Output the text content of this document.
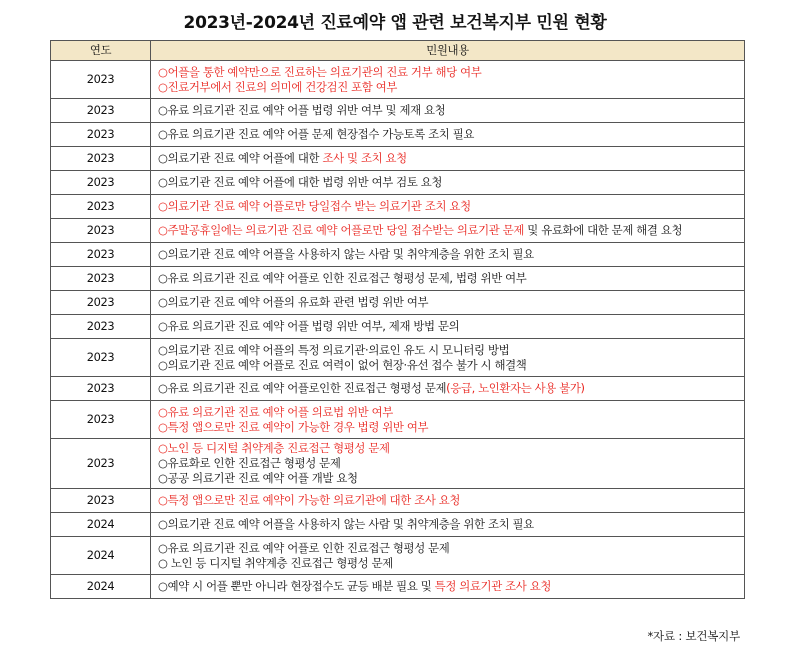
2023년-2024년 진료예약 앱 관련 보건복지부 민원 현황
연도	민원내용
2023	○어플을 통한 예약만으로 진료하는 의료기관의 진료 거부 해당 여부
○진료거부에서 진료의 의미에 건강검진 포함 여부

2023	○유료 의료기관 진료 예약 어플 법령 위반 여부 및 제재 요청

2023	○유료 의료기관 진료 예약 어플 문제 현장접수 가능토록 조치 필요

2023	○의료기관 진료 예약 어플에 대한 조사 및 조치 요청

2023	○의료기관 진료 예약 어플에 대한 법령 위반 여부 검토 요청

2023	○의료기관 진료 예약 어플로만 당일접수 받는 의료기관 조치 요청

2023	○주말공휴일에는 의료기관 진료 예약 어플로만 당일 접수받는 의료기관 문제 및 유료화에 대한 문제 해결 요청

2023	○의료기관 진료 예약 어플을 사용하지 않는 사람 및 취약계층을 위한 조치 필요

2023	○유료 의료기관 진료 예약 어플로 인한 진료접근 형평성 문제, 법령 위반 여부

2023	○의료기관 진료 예약 어플의 유료화 관련 법령 위반 여부

2023	○유료 의료기관 진료 예약 어플 법령 위반 여부, 제재 방법 문의

2023	○의료기관 진료 예약 어플의 특정 의료기관·의료인 유도 시 모니터링 방법
○의료기관 진료 예약 어플로 진료 여력이 없어 현장·유선 접수 불가 시 해결책

2023	○유료 의료기관 진료 예약 어플로인한 진료접근 형평성 문제(응급, 노인환자는 사용 불가)

2023	○유료 의료기관 진료 예약 어플 의료법 위반 여부
○특정 앱으로만 진료 예약이 가능한 경우 법령 위반 여부

2023	○노인 등 디지털 취약계층 진료접근 형평성 문제
○유료화로 인한 진료접근 형평성 문제
○공공 의료기관 진료 예약 어플 개발 요청

2023	○특정 앱으로만 진료 예약이 가능한 의료기관에 대한 조사 요청

2024	○의료기관 진료 예약 어플을 사용하지 않는 사람 및 취약계층을 위한 조치 필요

2024	○유료 의료기관 진료 예약 어플로 인한 진료접근 형평성 문제
○ 노인 등 디지털 취약계층 진료접근 형평성 문제

2024	○예약 시 어플 뿐만 아니라 현장접수도 균등 배분 필요 및 특정 의료기관 조사 요청
*자료 : 보건복지부
